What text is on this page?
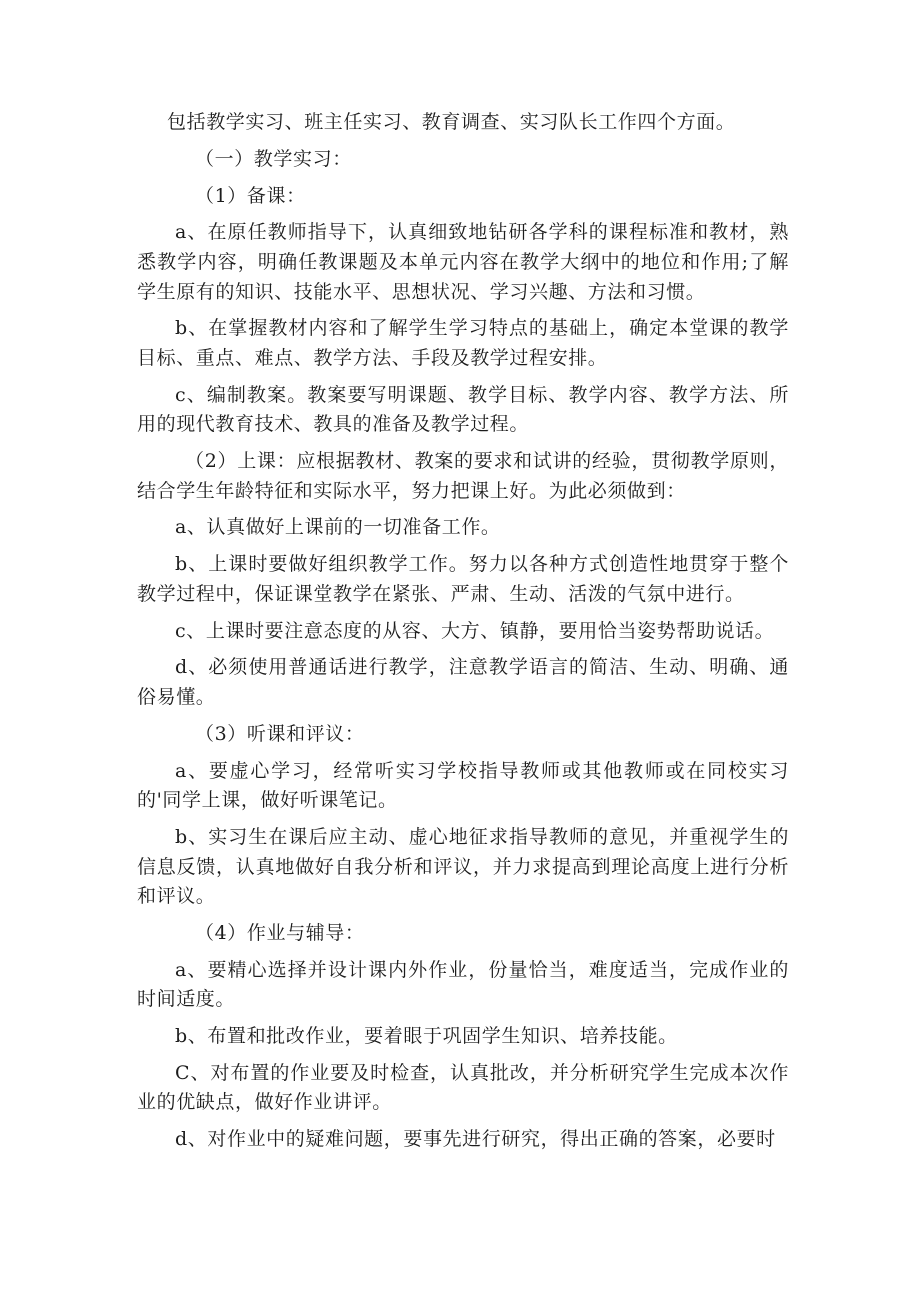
包括教学实习、班主任实习、教育调查、实习队长工作四个方面。

（一）教学实习：

（1）备课：

a、在原任教师指导下，认真细致地钻研各学科的课程标准和教材，熟悉教学内容，明确任教课题及本单元内容在教学大纲中的地位和作用;了解学生原有的知识、技能水平、思想状况、学习兴趣、方法和习惯。

b、在掌握教材内容和了解学生学习特点的基础上，确定本堂课的教学目标、重点、难点、教学方法、手段及教学过程安排。

c、编制教案。教案要写明课题、教学目标、教学内容、教学方法、所用的现代教育技术、教具的准备及教学过程。

（2）上课：应根据教材、教案的要求和试讲的经验，贯彻教学原则，结合学生年龄特征和实际水平，努力把课上好。为此必须做到：

a、认真做好上课前的一切准备工作。

b、上课时要做好组织教学工作。努力以各种方式创造性地贯穿于整个教学过程中，保证课堂教学在紧张、严肃、生动、活泼的气氛中进行。

c、上课时要注意态度的从容、大方、镇静，要用恰当姿势帮助说话。

d、必须使用普通话进行教学，注意教学语言的简洁、生动、明确、通俗易懂。

（3）听课和评议：

a、要虚心学习，经常听实习学校指导教师或其他教师或在同校实习的'同学上课，做好听课笔记。

b、实习生在课后应主动、虚心地征求指导教师的意见，并重视学生的信息反馈，认真地做好自我分析和评议，并力求提高到理论高度上进行分析和评议。

（4）作业与辅导：

a、要精心选择并设计课内外作业，份量恰当，难度适当，完成作业的时间适度。

b、布置和批改作业，要着眼于巩固学生知识、培养技能。

C、对布置的作业要及时检查，认真批改，并分析研究学生完成本次作业的优缺点，做好作业讲评。

d、对作业中的疑难问题，要事先进行研究，得出正确的答案，必要时
